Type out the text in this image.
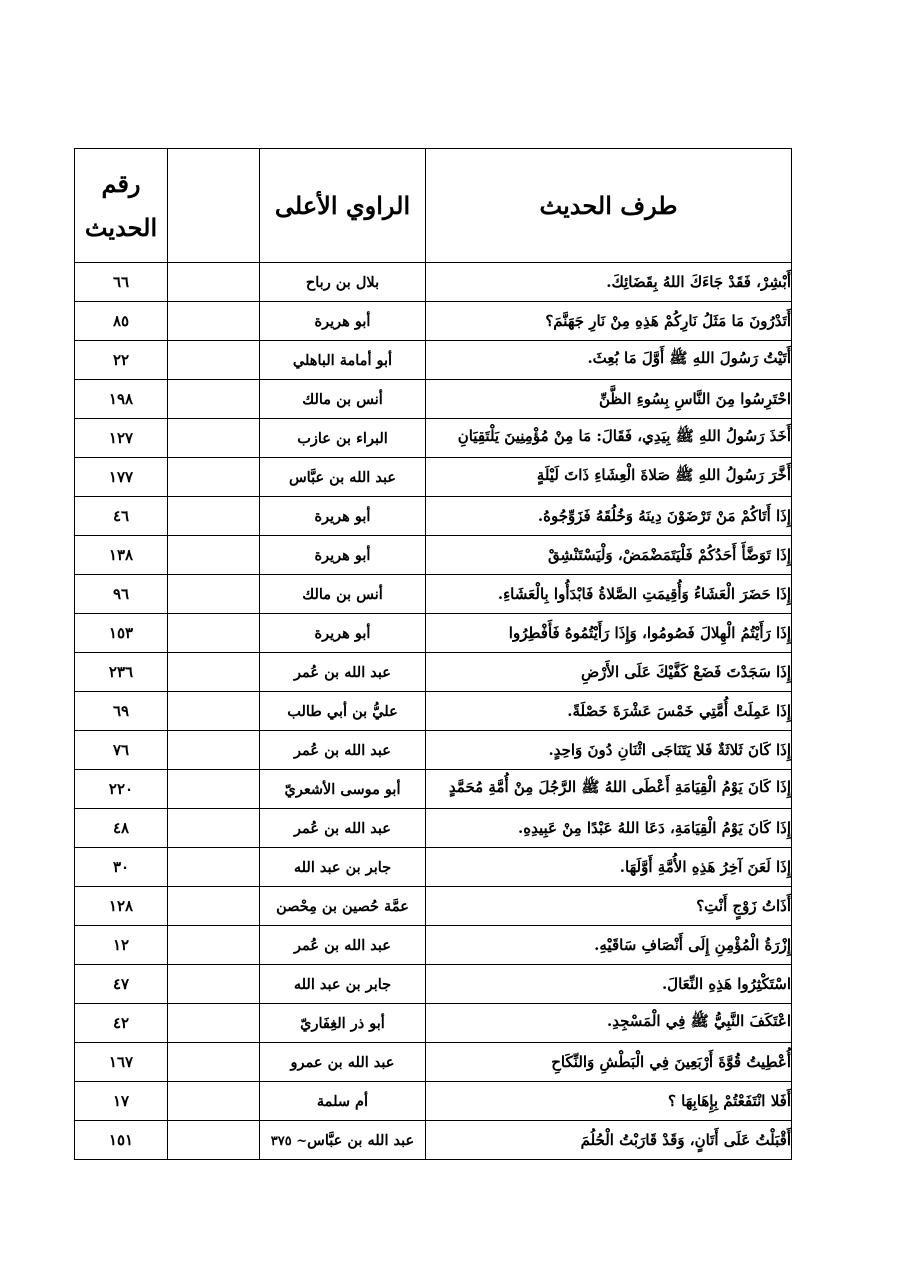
طرف الحديث	الراوي الأعلى		رقم
الحديث

أَبْشِرْ، فَقَدْ جَاءَكَ اللهُ بِقَضَائِكَ.	بلال بن رباح		٦٦
أَتَدْرُونَ مَا مَثَلُ نَارِكُمْ هَذِهِ مِنْ نَارِ جَهَنَّمَ؟	أبو هريرة		٨٥
أَتَيْتُ رَسُولَ اللهِ ﷺ أَوَّلَ مَا بُعِثَ.	أبو أمامة الباهلي		٢٢
احْتَرِسُوا مِنَ النَّاسِ بِسُوءِ الظَّنِّ	أنس بن مالك		١٩٨
أَخَذَ رَسُولُ اللهِ ﷺ بِيَدِي، فَقَالَ: مَا مِنْ مُؤْمِنِينَ يَلْتَقِيَانِ	البراء بن عازب		١٢٧
أَخَّرَ رَسُولُ اللهِ ﷺ صَلاةَ الْعِشَاءِ ذَاتَ لَيْلَةٍ	عبد الله بن عبَّاس		١٧٧
إِذَا أَتَاكُمْ مَنْ تَرْضَوْنَ دِينَهُ وَخُلُقَهُ فَزَوِّجُوهُ.	أبو هريرة		٤٦
إِذَا تَوَضَّأَ أَحَدُكُمْ فَلْيَتَمَضْمَضْ، وَلْيَسْتَنْشِقْ	أبو هريرة		١٣٨
إِذَا حَضَرَ الْعَشَاءُ وَأُقِيمَتِ الصَّلاةُ فَابْدَأُوا بِالْعَشَاءِ.	أنس بن مالك		٩٦
إِذَا رَأَيْتُمُ الْهِلالَ فَصُومُوا، وَإِذَا رَأَيْتُمُوهُ فَأَفْطِرُوا	أبو هريرة		١٥٣
إِذَا سَجَدْتَ فَضَعْ كَفَّيْكَ عَلَى الأَرْضِ	عبد الله بن عُمر		٢٣٦
إِذَا عَمِلَتْ أُمَّتِي خَمْسَ عَشْرَةَ خَصْلَةً.	عليُّ بن أبي طالب		٦٩
إِذَا كَانَ ثَلاثَةٌ فَلا يَتَنَاجَى اثْنَانِ دُونَ وَاحِدٍ.	عبد الله بن عُمر		٧٦
إِذَا كَانَ يَوْمُ الْقِيَامَةِ أَعْطَى اللهُ ﷺ الرَّجُلَ مِنْ أُمَّةِ مُحَمَّدٍ	أبو موسى الأشعريّ		٢٢٠
إِذَا كَانَ يَوْمُ الْقِيَامَةِ، دَعَا اللهُ عَبْدًا مِنْ عَبِيدِهِ.	عبد الله بن عُمر		٤٨
إِذَا لَعَنَ آخِرُ هَذِهِ الأُمَّةِ أَوَّلَهَا.	جابر بن عبد الله		٣٠
أَذَاتُ زَوْجٍ أَنْتِ؟	عمَّة حُصين بن مِحْصن		١٢٨
إِزْرَةُ الْمُؤْمِنِ إِلَى أَنْصَافِ سَاقَيْهِ.	عبد الله بن عُمر		١٢
اسْتَكْثِرُوا هَذِهِ النِّعَالَ.	جابر بن عبد الله		٤٧
اعْتَكَفَ النَّبِيُّ ﷺ فِي الْمَسْجِدِ.	أبو ذر الغِفَاريّ		٤٢
أُعْطِيتُ قُوَّةَ أَرْبَعِينَ فِي الْبَطْشِ وَالنِّكَاحِ	عبد الله بن عمرو		١٦٧
أَفَلا انْتَفَعْتُمْ بِإِهَابِهَا ؟	أم سلمة		١٧
أَقْبَلْتُ عَلَى أَتَانٍ، وَقَدْ قَارَبْتُ الْحُلُمَ	عبد الله بن عبَّاس~ ٣٧٥		١٥١
